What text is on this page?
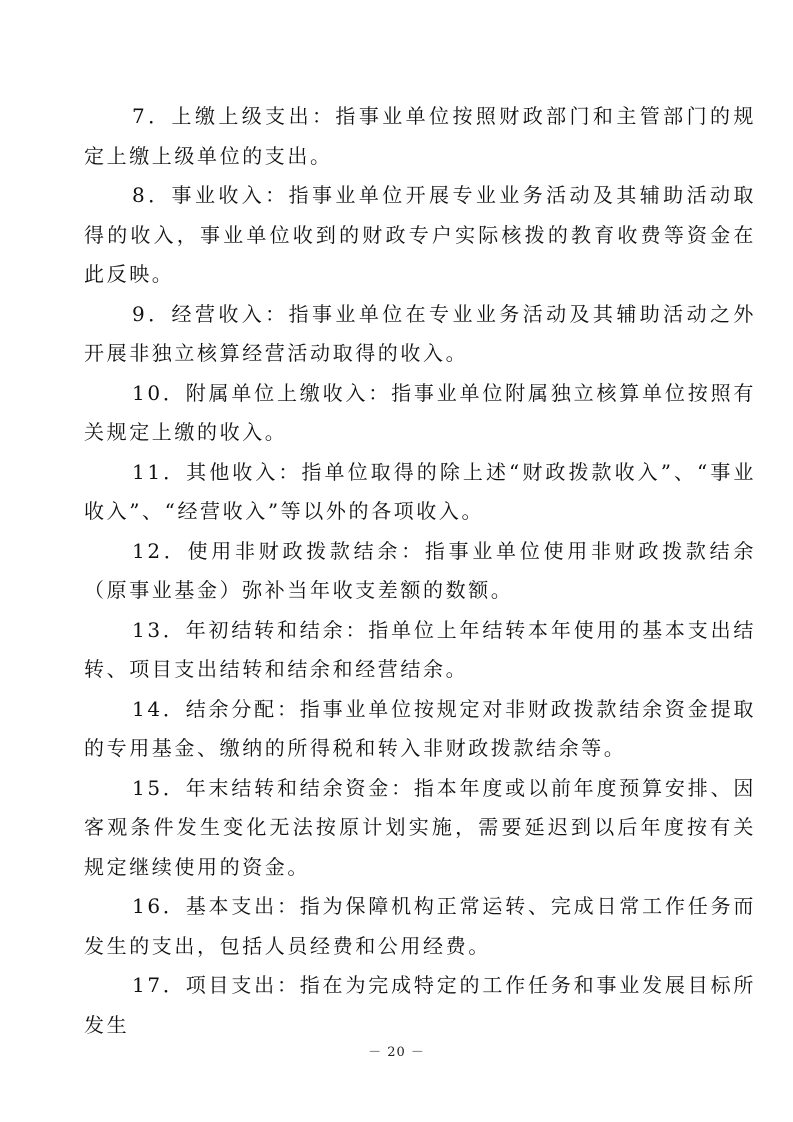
7．上缴上级支出：指事业单位按照财政部门和主管部门的规定上缴上级单位的支出。

8．事业收入：指事业单位开展专业业务活动及其辅助活动取得的收入，事业单位收到的财政专户实际核拨的教育收费等资金在此反映。

9．经营收入：指事业单位在专业业务活动及其辅助活动之外开展非独立核算经营活动取得的收入。

10．附属单位上缴收入：指事业单位附属独立核算单位按照有关规定上缴的收入。

11．其他收入：指单位取得的除上述“财政拨款收入”、“事业收入”、“经营收入”等以外的各项收入。

12．使用非财政拨款结余：指事业单位使用非财政拨款结余（原事业基金）弥补当年收支差额的数额。

13．年初结转和结余：指单位上年结转本年使用的基本支出结转、项目支出结转和结余和经营结余。

14．结余分配：指事业单位按规定对非财政拨款结余资金提取的专用基金、缴纳的所得税和转入非财政拨款结余等。

15．年末结转和结余资金：指本年度或以前年度预算安排、因客观条件发生变化无法按原计划实施，需要延迟到以后年度按有关规定继续使用的资金。

16．基本支出：指为保障机构正常运转、完成日常工作任务而发生的支出，包括人员经费和公用经费。

17．项目支出：指在为完成特定的工作任务和事业发展目标所发生

－ 20 －
